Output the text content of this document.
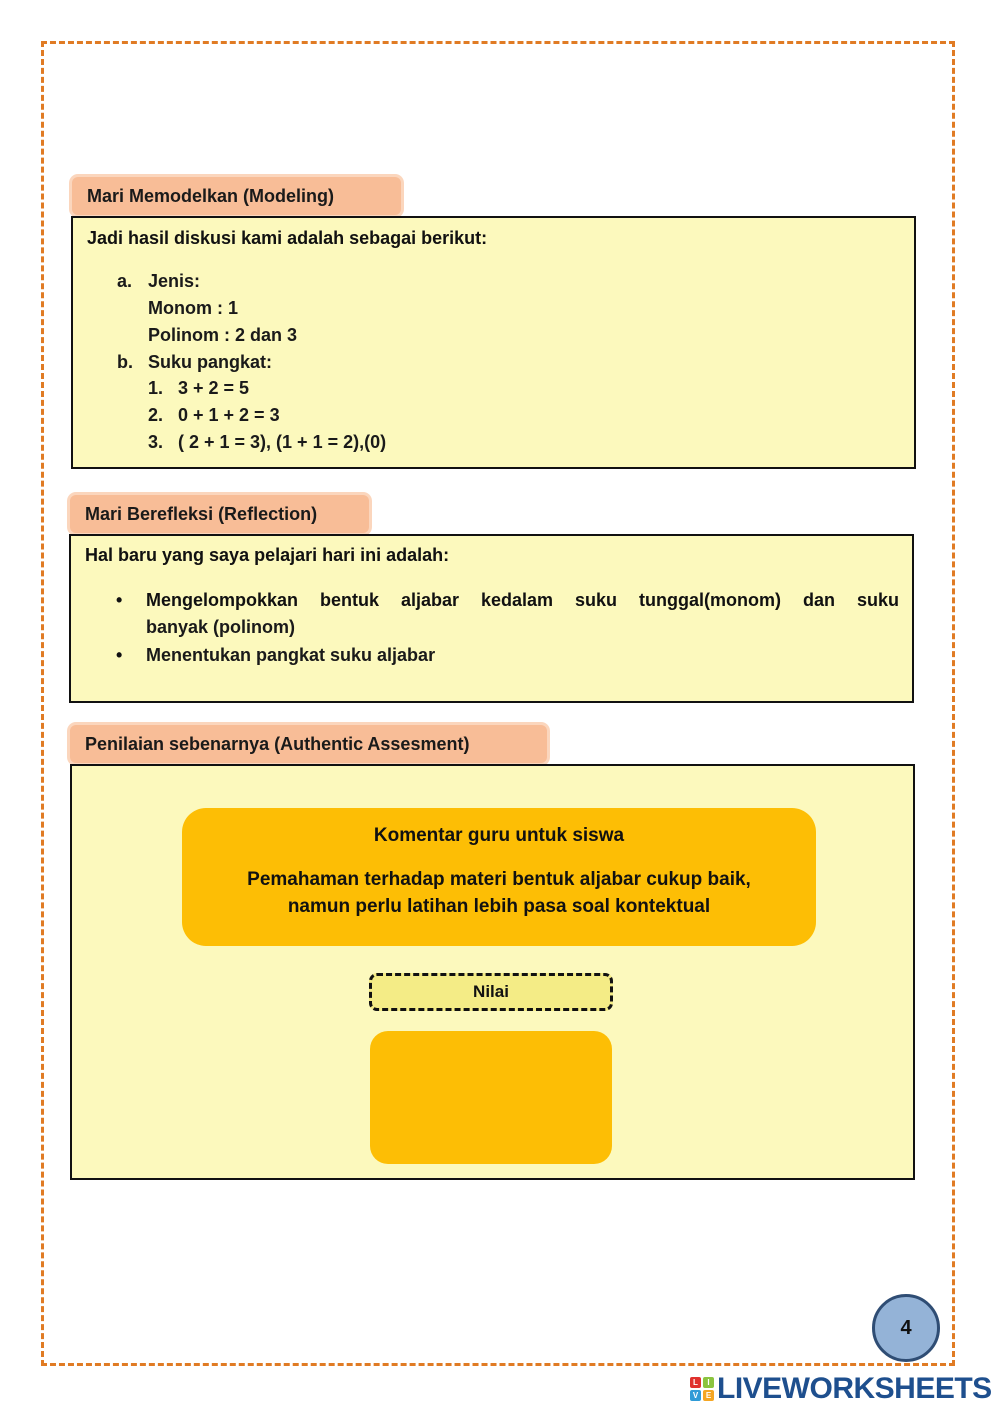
Mari Memodelkan (Modeling)
Jadi hasil diskusi kami adalah sebagai berikut:
a. Jenis:
Monom : 1
Polinom : 2 dan 3
b. Suku pangkat:
1. 3 + 2 = 5
2. 0 + 1 + 2 = 3
3. ( 2 + 1 = 3), (1 + 1 = 2),(0)
Mari Berefleksi (Reflection)
Hal baru yang saya pelajari hari ini adalah:
• Mengelompokkan bentuk aljabar kedalam suku tunggal(monom) dan suku
banyak (polinom)
• Menentukan pangkat suku aljabar
Penilaian sebenarnya (Authentic Assesment)
Komentar guru untuk siswa
Pemahaman terhadap materi bentuk aljabar cukup baik,
namun perlu latihan lebih pasa soal kontektual
Nilai
4
L	I
V E LIVEWORKSHEETS
